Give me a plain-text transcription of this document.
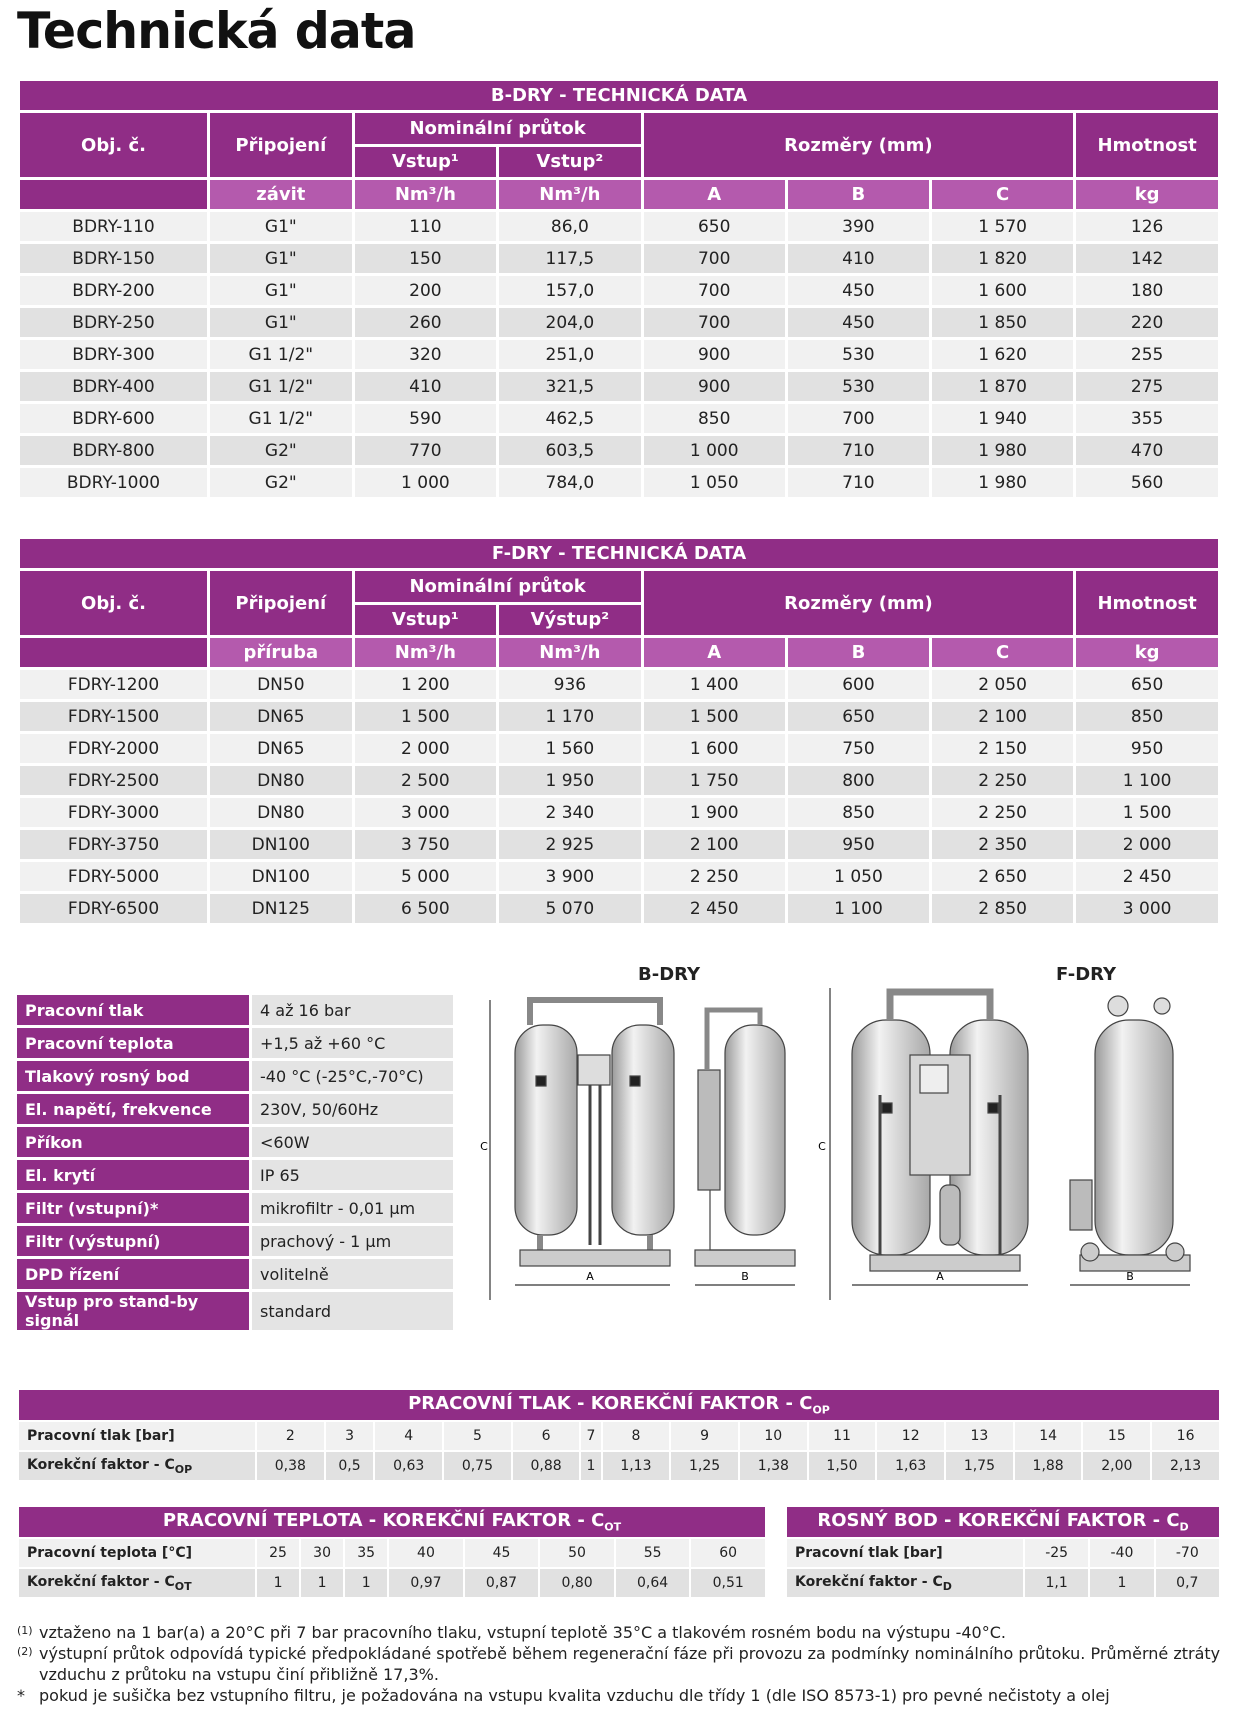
Technická data
B-DRY - TECHNICKÁ DATA							
Obj. č.	Připojení	Nominální průtok		Rozměry (mm)			Hmotnost
		Vstup¹	Vstup²				
	závit	Nm³/h	Nm³/h	A	B	C	kg
BDRY-110	G1"	110	86,0	650	390	1 570	126
BDRY-150	G1"	150	117,5	700	410	1 820	142
BDRY-200	G1"	200	157,0	700	450	1 600	180
BDRY-250	G1"	260	204,0	700	450	1 850	220
BDRY-300	G1 1/2"	320	251,0	900	530	1 620	255
BDRY-400	G1 1/2"	410	321,5	900	530	1 870	275
BDRY-600	G1 1/2"	590	462,5	850	700	1 940	355
BDRY-800	G2"	770	603,5	1 000	710	1 980	470
BDRY-1000	G2"	1 000	784,0	1 050	710	1 980	560
F-DRY - TECHNICKÁ DATA							
Obj. č.	Připojení	Nominální průtok		Rozměry (mm)			Hmotnost
		Vstup¹	Výstup²				
	příruba	Nm³/h	Nm³/h	A	B	C	kg
FDRY-1200	DN50	1 200	936	1 400	600	2 050	650
FDRY-1500	DN65	1 500	1 170	1 500	650	2 100	850
FDRY-2000	DN65	2 000	1 560	1 600	750	2 150	950
FDRY-2500	DN80	2 500	1 950	1 750	800	2 250	1 100
FDRY-3000	DN80	3 000	2 340	1 900	850	2 250	1 500
FDRY-3750	DN100	3 750	2 925	2 100	950	2 350	2 000
FDRY-5000	DN100	5 000	3 900	2 250	1 050	2 650	2 450
FDRY-6500	DN125	6 500	5 070	2 450	1 100	2 850	3 000
Pracovní tlak	4 až 16 bar
Pracovní teplota	+1,5 až +60 °C
Tlakový rosný bod	-40 °C (-25°C,-70°C)
El. napětí, frekvence	230V, 50/60Hz
Příkon	<60W
El. krytí	IP 65
Filtr (vstupní)*	mikrofiltr - 0,01 μm
Filtr (výstupní)	prachový - 1 μm
DPD řízení	volitelně
Vstup pro stand-by signál	standard
B-DRY	F-DRY
A
C
B	A
C
B
PRACOVNÍ TLAK - KOREKČNÍ FAKTOR - $C_{OP}$
Pracovní tlak [bar]	2	3	4	5	6	7	8	9	10	11	12	13	14	15	16
Korekční faktor - $C_{OP}$	0,38	0,5	0,63	0,75	0,88	1	1,13	1,25	1,38	1,50	1,63	1,75	1,88	2,00	2,13
PRACOVNÍ TEPLOTA - KOREKČNÍ FAKTOR - $C_{OT}$
Pracovní teplota [°C]	25	30	35	40	45	50	55	60
Korekční faktor - $C_{OT}$	1	1	1	0,97	0,87	0,80	0,64	0,51
ROSNÝ BOD - KOREKČNÍ FAKTOR - $C_D$
Pracovní tlak [bar]	-25	-40	-70
Korekční faktor - $C_D$	1,1	1	0,7
(1) vztaženo na 1 bar(a) a 20°C při 7 bar pracovního tlaku, vstupní teplotě 35°C a tlakovém rosném bodu na výstupu -40°C.
(2) výstupní průtok odpovídá typické předpokládané spotřebě během regenerační fáze při provozu za podmínky nominálního průtoku. Průměrné ztráty vzduchu z průtoku na vstupu činí přibližně 17,3%.
* pokud je sušička bez vstupního filtru, je požadována na vstupu kvalita vzduchu dle třídy 1 (dle ISO 8573-1) pro pevné nečistoty a olej
